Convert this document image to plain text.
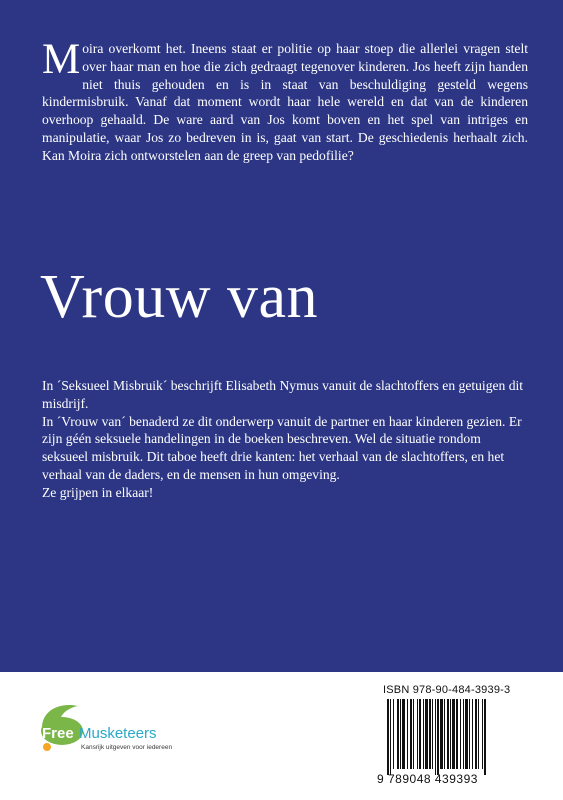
Moira overkomt het. Ineens staat er politie op haar stoep die allerlei vragen stelt over haar man en hoe die zich gedraagt tegenover kinderen. Jos heeft zijn handen niet thuis gehouden en is in staat van beschuldiging gesteld wegens kindermisbruik. Vanaf dat moment wordt haar hele wereld en dat van de kinderen overhoop gehaald. De ware aard van Jos komt boven en het spel van intriges en manipulatie, waar Jos zo bedreven in is, gaat van start. De geschiedenis herhaalt zich. Kan Moira zich ontworstelen aan de greep van pedofilie?

Vrouw van

In ´Seksueel Misbruik´ beschrijft Elisabeth Nymus vanuit de slachtoffers en getuigen dit misdrijf.

In ´Vrouw van´ benaderd ze dit onderwerp vanuit de partner en haar kinderen gezien. Er zijn géén seksuele handelingen in de boeken beschreven. Wel de situatie rondom seksueel misbruik. Dit taboe heeft drie kanten: het verhaal van de slachtoffers, en het verhaal van de daders, en de mensen in hun omgeving.

Ze grijpen in elkaar!

Free Musketeers
Kansrijk uitgeven voor iedereen
ISBN 978-90-484-3939-3
9 789048 439393
